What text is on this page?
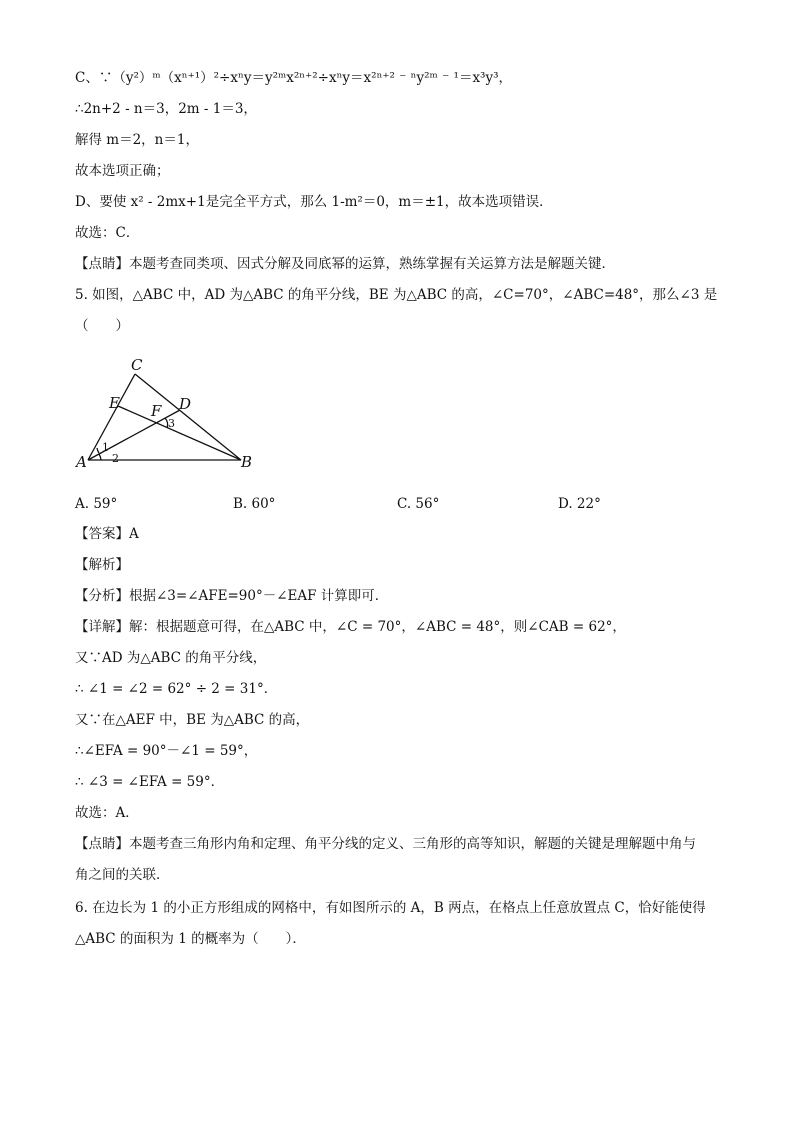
C、∵（y²）ᵐ（xⁿ⁺¹）²÷xⁿy＝y²ᵐx²ⁿ⁺²÷xⁿy＝x²ⁿ⁺² ⁻ ⁿy²ᵐ ⁻ ¹＝x³y³，
∴2n+2 - n＝3，2m - 1＝3，
解得 m＝2，n＝1，
故本选项正确；
D、要使 x² - 2mx+1是完全平方式，那么 1-m²＝0，m＝±1，故本选项错误．
故选：C．
【点睛】本题考查同类项、因式分解及同底幂的运算，熟练掌握有关运算方法是解题关键．
5. 如图，△ABC 中，AD 为△ABC 的角平分线，BE 为△ABC 的高，∠C=70°，∠ABC=48°，那么∠3 是
（　　）
C
E F D
A	B
1
2
3
A. 59°	B. 60°	C. 56°	D. 22°
【答案】A
【解析】
【分析】根据∠3=∠AFE=90°－∠EAF 计算即可．
【详解】解：根据题意可得，在△ABC 中，∠C = 70°，∠ABC = 48°，则∠CAB = 62°，
又∵AD 为△ABC 的角平分线，
∴ ∠1 = ∠2 = 62° ÷ 2 = 31°．
又∵在△AEF 中，BE 为△ABC 的高，
∴∠EFA = 90°－∠1 = 59°，
∴ ∠3 = ∠EFA = 59°．
故选：A．
【点睛】本题考查三角形内角和定理、角平分线的定义、三角形的高等知识，解题的关键是理解题中角与
角之间的关联．
6. 在边长为 1 的小正方形组成的网格中，有如图所示的 A，B 两点，在格点上任意放置点 C，恰好能使得
△ABC 的面积为 1 的概率为（　　）．
